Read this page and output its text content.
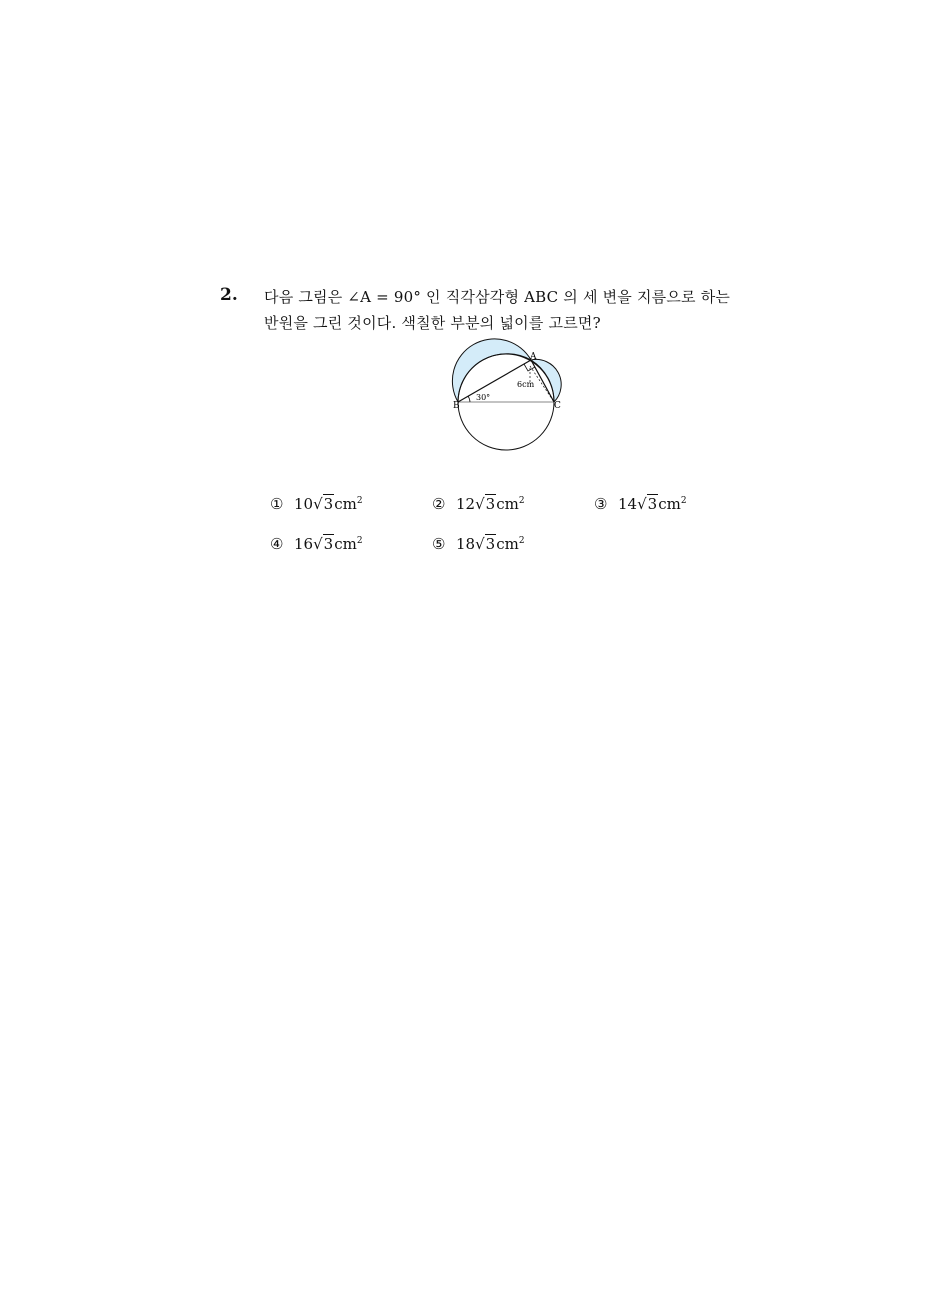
2. 다음 그림은 ∠A = 90° 인 직각삼각형 ABC 의 세 변을 지름으로 하는
반원을 그린 것이다. 색칠한 부분의 넓이를 고르면?
A
B	C
30°
6cm
① $10√3cm^2$	② $12√3cm^2$	③ $14√3cm^2$
④ $16√3cm^2$	⑤ $18√3cm^2$
